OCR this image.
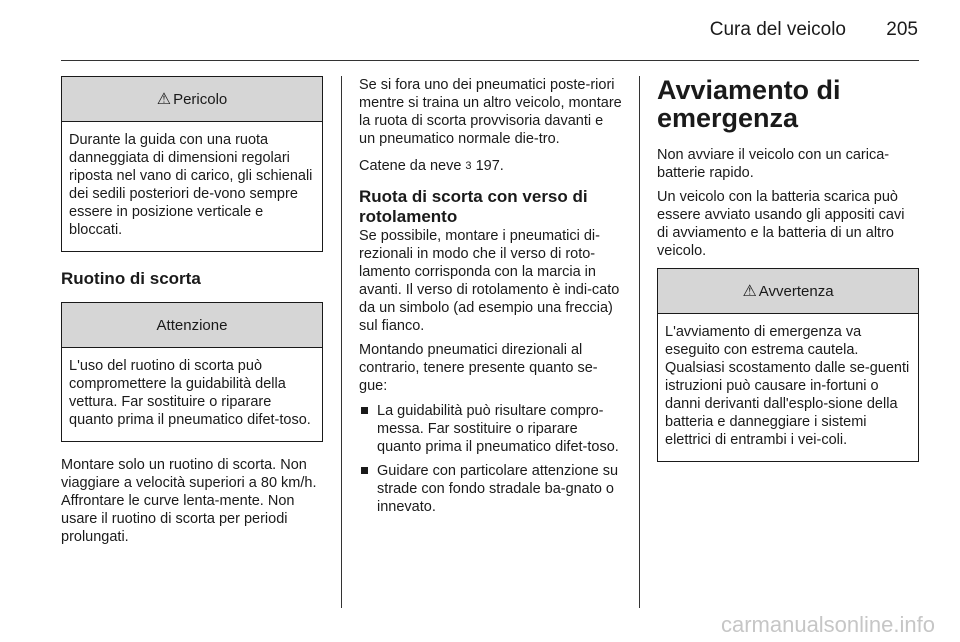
Cura del veicolo	205
⚠ Pericolo
Durante la guida con una ruota danneggiata di dimensioni regolari riposta nel vano di carico, gli schienali dei sedili posteriori de-vono sempre essere in posizione verticale e bloccati.
Ruotino di scorta
Attenzione
L'uso del ruotino di scorta può compromettere la guidabilità della vettura. Far sostituire o riparare quanto prima il pneumatico difet-toso.

Montare solo un ruotino di scorta. Non viaggiare a velocità superiori a 80 km/h. Affrontare le curve lenta-mente. Non usare il ruotino di scorta per periodi prolungati.

Se si fora uno dei pneumatici poste-riori mentre si traina un altro veicolo, montare la ruota di scorta provvisoria davanti e un pneumatico normale die-tro.

Catene da neve 3 197.

Ruota di scorta con verso di rotolamento

Se possibile, montare i pneumatici di-rezionali in modo che il verso di roto-lamento corrisponda con la marcia in avanti. Il verso di rotolamento è indi-cato da un simbolo (ad esempio una freccia) sul fianco.

Montando pneumatici direzionali al contrario, tenere presente quanto se-gue:

La guidabilità può risultare compro-messa. Far sostituire o riparare quanto prima il pneumatico difet-toso.
Guidare con particolare attenzione su strade con fondo stradale ba-gnato o innevato.
Avviamento di emergenza

Non avviare il veicolo con un carica-batterie rapido.

Un veicolo con la batteria scarica può essere avviato usando gli appositi cavi di avviamento e la batteria di un altro veicolo.

⚠ Avvertenza
L'avviamento di emergenza va eseguito con estrema cautela. Qualsiasi scostamento dalle se-guenti istruzioni può causare in-fortuni o danni derivanti dall'esplo-sione della batteria e danneggiare i sistemi elettrici di entrambi i vei-coli.
carmanualsonline.info
